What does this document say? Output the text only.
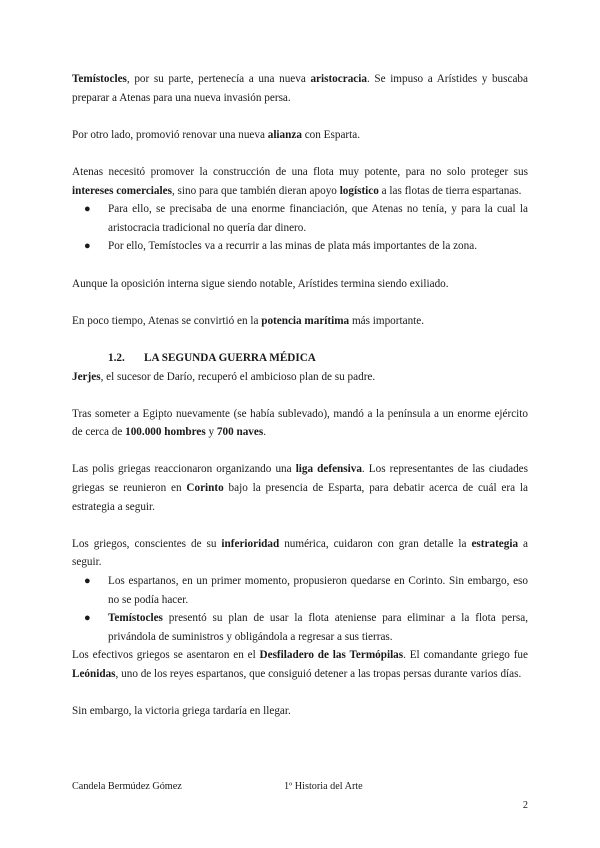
Temístocles, por su parte, pertenecía a una nueva aristocracia. Se impuso a Arístides y buscaba preparar a Atenas para una nueva invasión persa.

Por otro lado, promovió renovar una nueva alianza con Esparta.

Atenas necesitó promover la construcción de una flota muy potente, para no solo proteger sus intereses comerciales, sino para que también dieran apoyo logístico a las flotas de tierra espartanas.

● Para ello, se precisaba de una enorme financiación, que Atenas no tenía, y para la cual la aristocracia tradicional no quería dar dinero.
● Por ello, Temístocles va a recurrir a las minas de plata más importantes de la zona.

Aunque la oposición interna sigue siendo notable, Arístides termina siendo exiliado.

En poco tiempo, Atenas se convirtió en la potencia marítima más importante.

1.2. LA SEGUNDA GUERRA MÉDICA

Jerjes, el sucesor de Darío, recuperó el ambicioso plan de su padre.

Tras someter a Egipto nuevamente (se había sublevado), mandó a la península a un enorme ejército de cerca de 100.000 hombres y 700 naves.

Las polis griegas reaccionaron organizando una liga defensiva. Los representantes de las ciudades griegas se reunieron en Corinto bajo la presencia de Esparta, para debatir acerca de cuál era la estrategia a seguir.

Los griegos, conscientes de su inferioridad numérica, cuidaron con gran detalle la estrategia a seguir.

● Los espartanos, en un primer momento, propusieron quedarse en Corinto. Sin embargo, eso no se podía hacer.
● Temístocles presentó su plan de usar la flota ateniense para eliminar a la flota persa, privándola de suministros y obligándola a regresar a sus tierras.

Los efectivos griegos se asentaron en el Desfiladero de las Termópilas. El comandante griego fue Leónidas, uno de los reyes espartanos, que consiguió detener a las tropas persas durante varios días.

Sin embargo, la victoria griega tardaría en llegar.

Candela Bermúdez Gómez	1º Historia del Arte
2
